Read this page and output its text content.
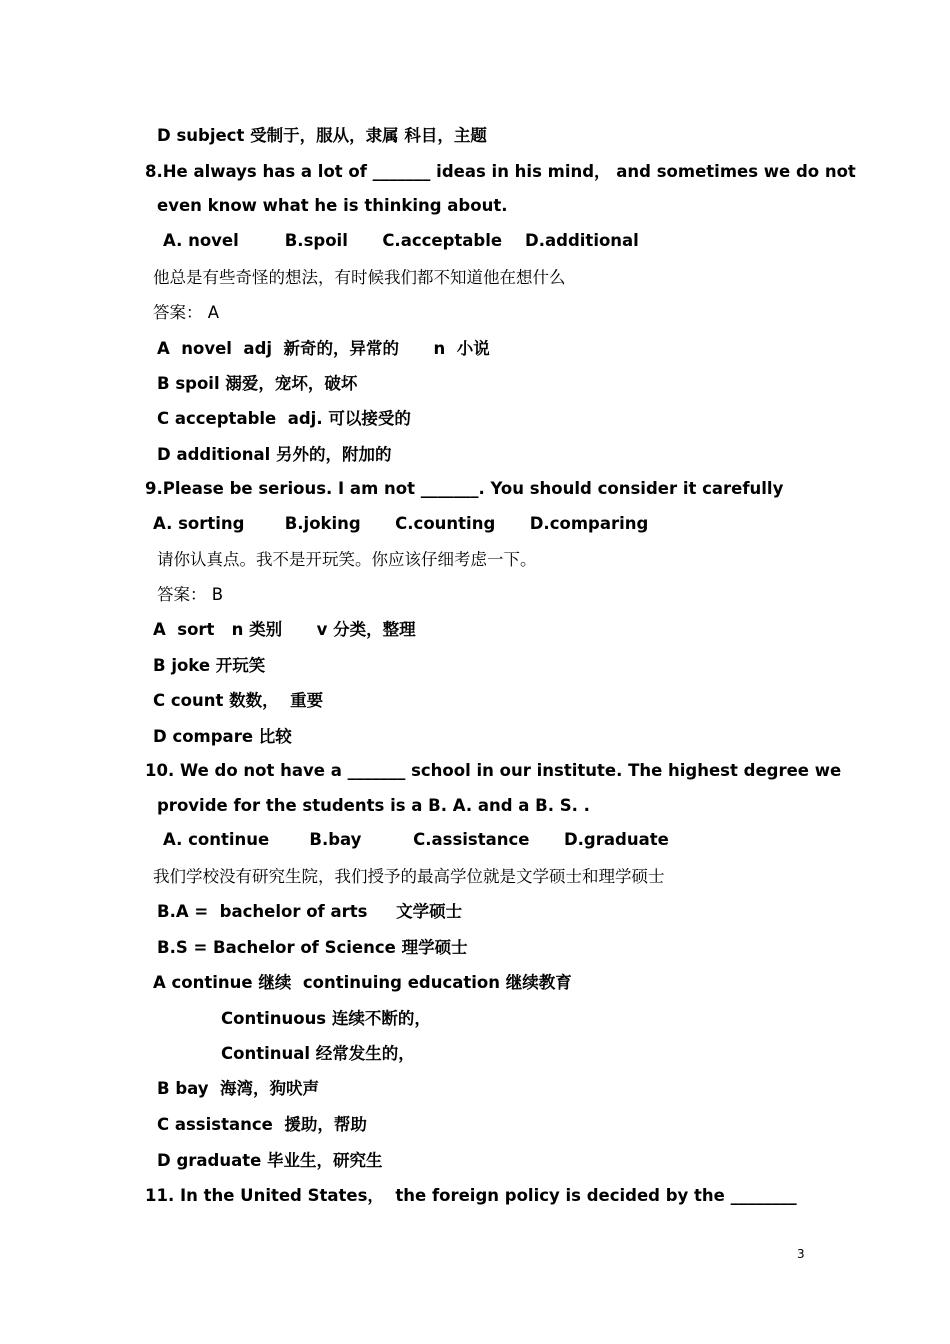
D subject 受制于，服从，隶属 科目，主题
8.He always has a lot of _______ ideas in his mind， and sometimes we do not
even know what he is thinking about.
A. novel        B.spoil      C.acceptable    D.additional
他总是有些奇怪的想法，有时候我们都不知道他在想什么
答案： A
A  novel  adj  新奇的，异常的      n  小说
B spoil 溺爱，宠坏，破坏
C acceptable  adj. 可以接受的
D additional 另外的，附加的
9.Please be serious. I am not _______. You should consider it carefully
A. sorting       B.joking      C.counting      D.comparing
请你认真点。我不是开玩笑。你应该仔细考虑一下。
答案： B
A  sort   n 类别      v 分类，整理
B joke 开玩笑
C count 数数，  重要
D compare 比较
10. We do not have a _______ school in our institute. The highest degree we
provide for the students is a B. A. and a B. S. .
A. continue       B.bay         C.assistance      D.graduate
我们学校没有研究生院，我们授予的最高学位就是文学硕士和理学硕士
B.A =  bachelor of arts     文学硕士
B.S = Bachelor of Science 理学硕士
A continue 继续  continuing education 继续教育
Continuous 连续不断的，
Continual 经常发生的，
B bay  海湾，狗吠声
C assistance  援助，帮助
D graduate 毕业生，研究生
11. In the United States，  the foreign policy is decided by the ________
3
